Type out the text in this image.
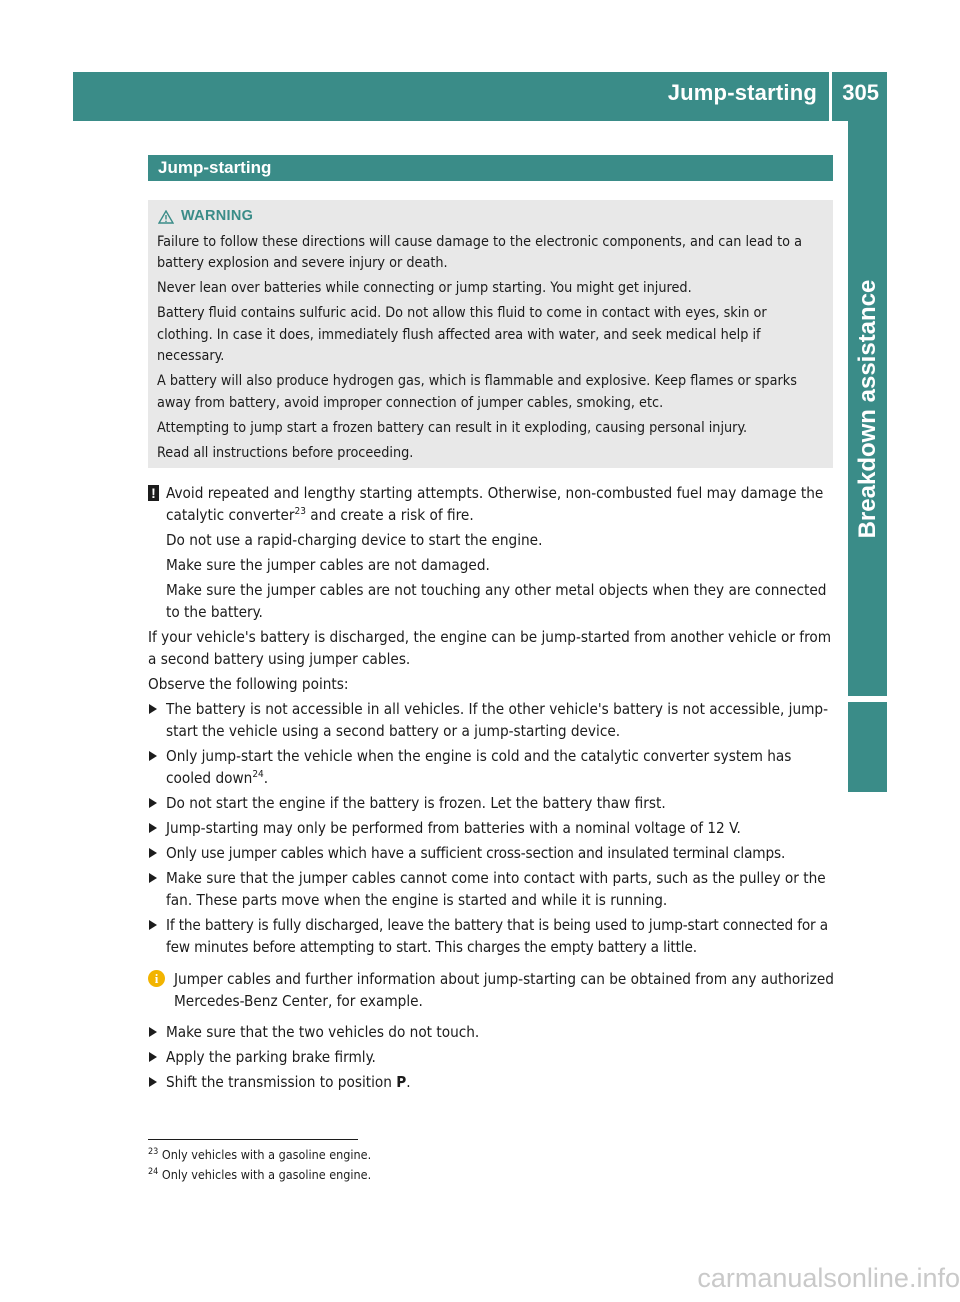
Jump-starting 305
Breakdown assistance
Jump-starting
WARNING

Failure to follow these directions will cause damage to the electronic components, and can lead to a battery explosion and severe injury or death.

Never lean over batteries while connecting or jump starting. You might get injured.

Battery fluid contains sulfuric acid. Do not allow this fluid to come in contact with eyes, skin or clothing. In case it does, immediately flush affected area with water, and seek medical help if necessary.

A battery will also produce hydrogen gas, which is flammable and explosive. Keep flames or sparks away from battery, avoid improper connection of jumper cables, smoking, etc.

Attempting to jump start a frozen battery can result in it exploding, causing personal injury.

Read all instructions before proceeding.

! Avoid repeated and lengthy starting attempts. Otherwise, non-combusted fuel may damage the catalytic converter$^{23}$ and create a risk of fire.

Do not use a rapid-charging device to start the engine.

Make sure the jumper cables are not damaged.

Make sure the jumper cables are not touching any other metal objects when they are connected to the battery.

If your vehicle's battery is discharged, the engine can be jump-started from another vehicle or from a second battery using jumper cables.

Observe the following points:

The battery is not accessible in all vehicles. If the other vehicle's battery is not accessible, jump-start the vehicle using a second battery or a jump-starting device.
Only jump-start the vehicle when the engine is cold and the catalytic converter system has cooled down$^{24}$.
Do not start the engine if the battery is frozen. Let the battery thaw first.
Jump-starting may only be performed from batteries with a nominal voltage of 12 V.
Only use jumper cables which have a sufficient cross-section and insulated terminal clamps.
Make sure that the jumper cables cannot come into contact with parts, such as the pulley or the fan. These parts move when the engine is started and while it is running.
If the battery is fully discharged, leave the battery that is being used to jump-start connected for a few minutes before attempting to start. This charges the empty battery a little.
i	Jumper cables and further information about jump-starting can be obtained from any authorized Mercedes-Benz Center, for example.
Make sure that the two vehicles do not touch.
Apply the parking brake firmly.
Shift the transmission to position P.
$^{23}$ Only vehicles with a gasoline engine.
$^{24}$ Only vehicles with a gasoline engine.
carmanualsonline.info
